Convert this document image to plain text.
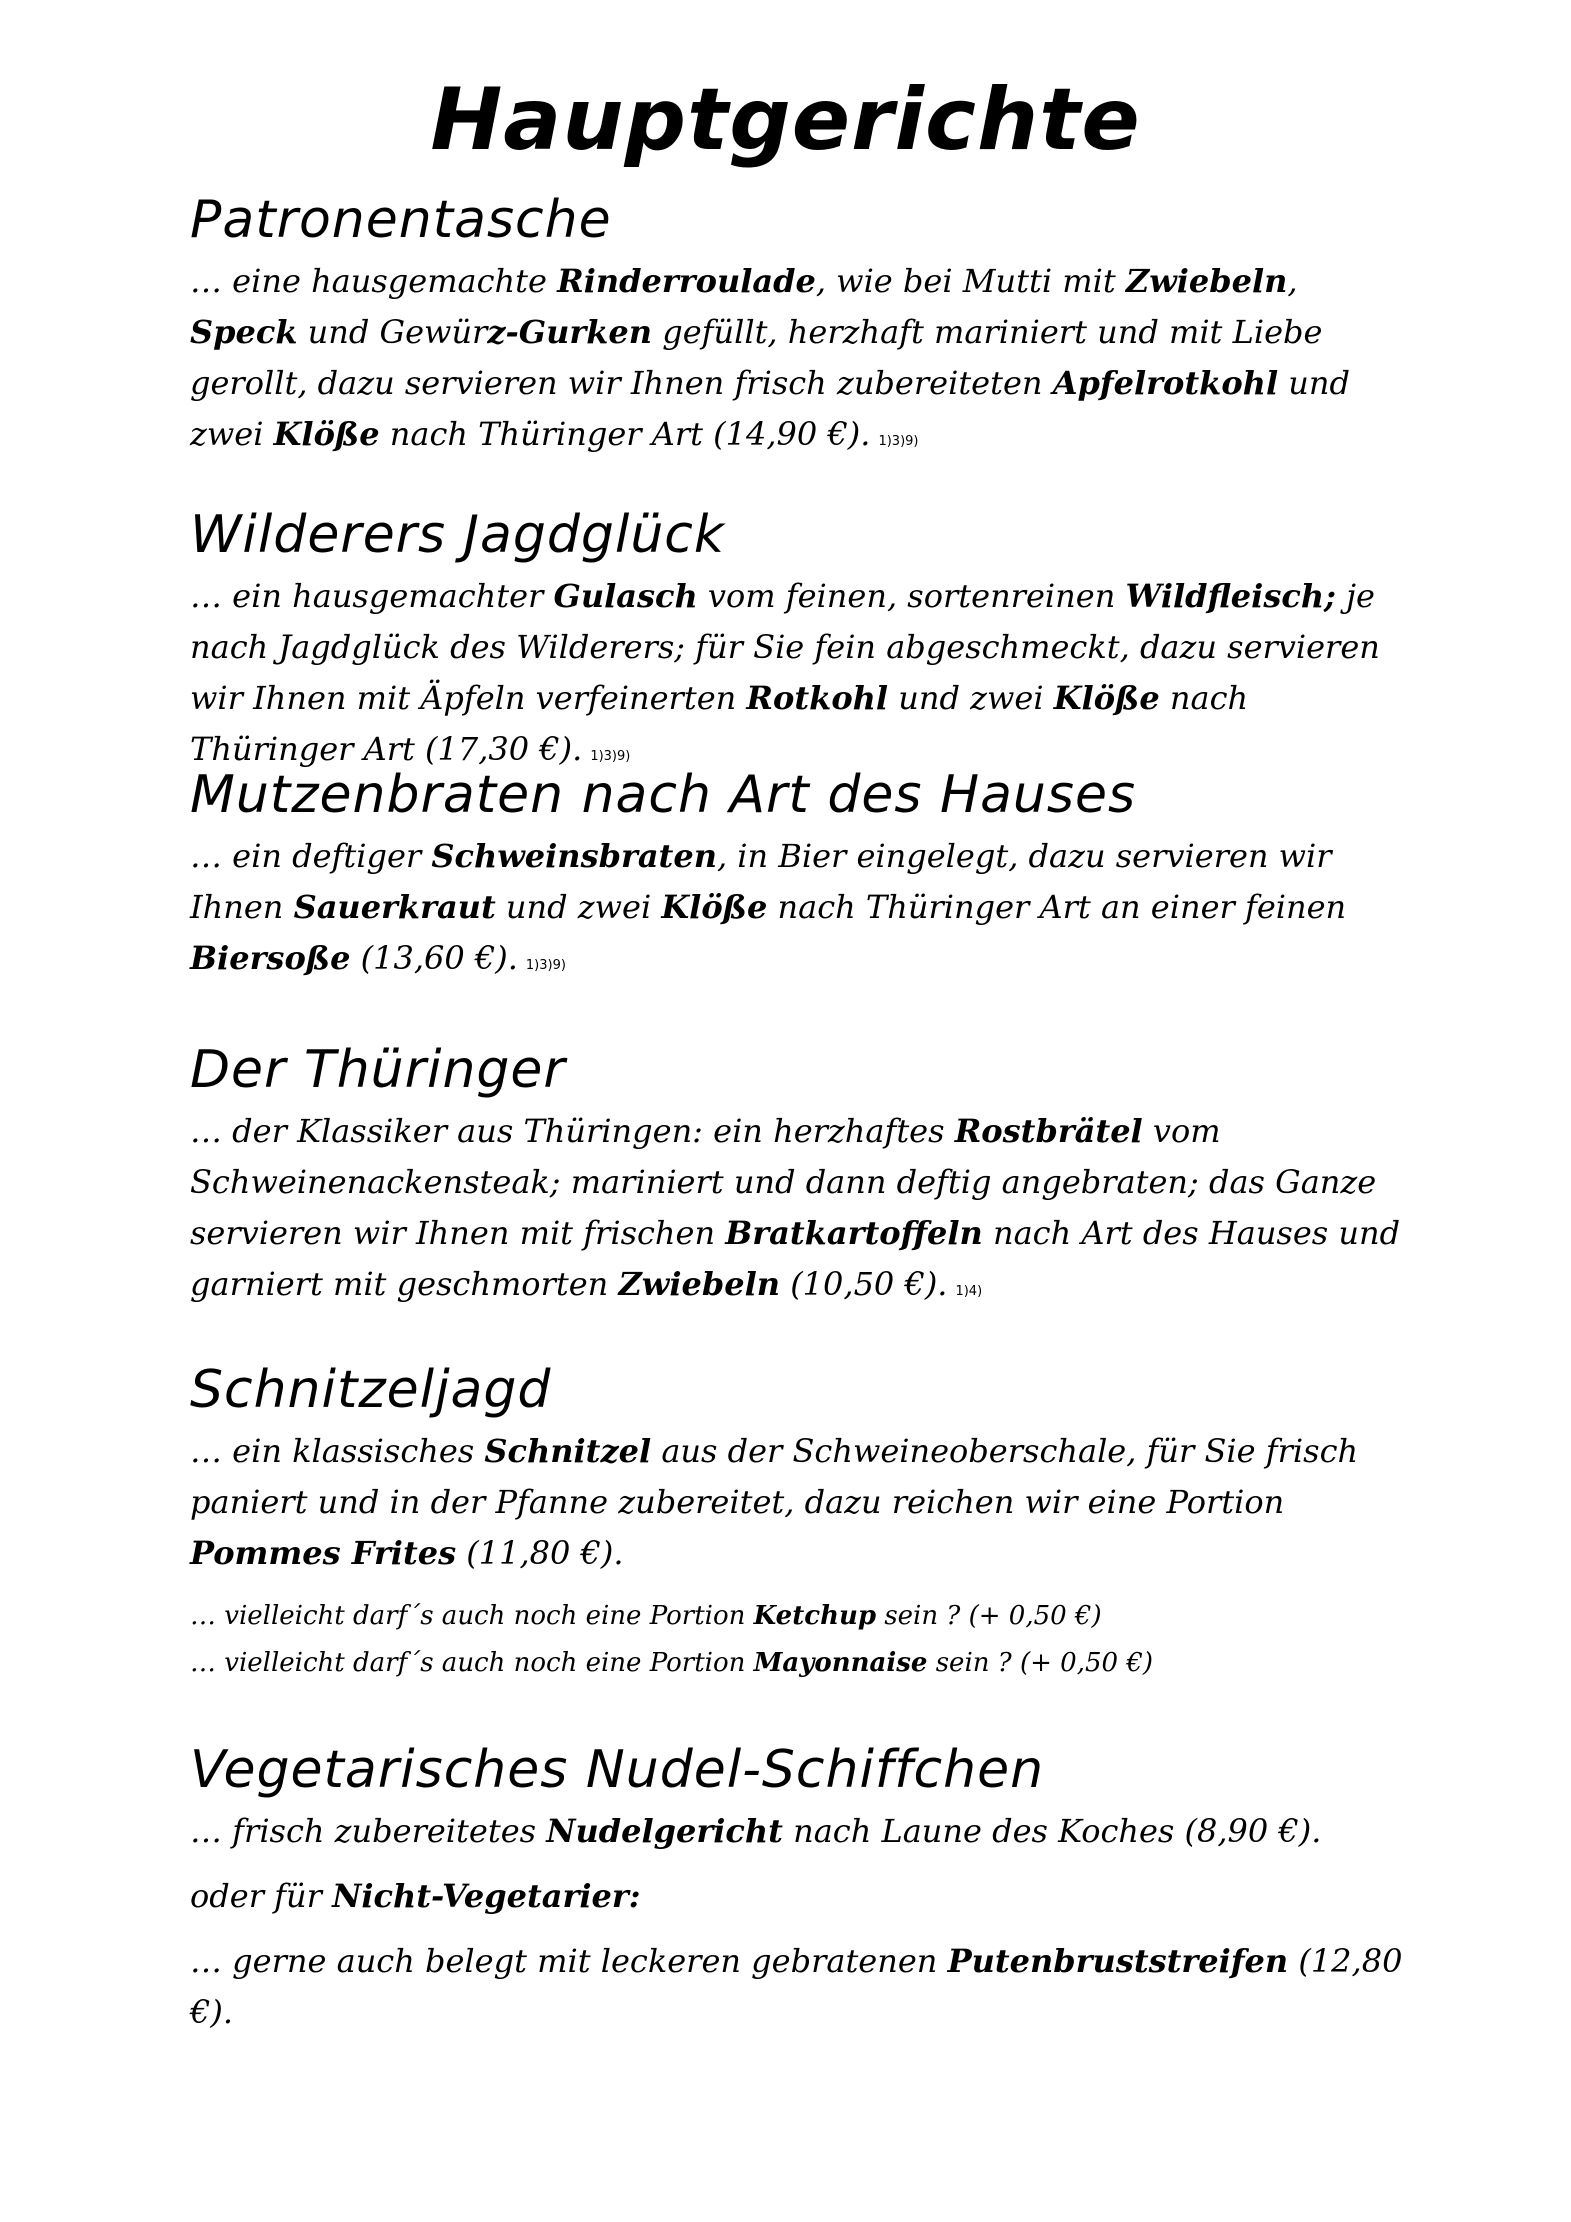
Hauptgerichte
Patronentasche

… eine hausgemachte Rinderroulade, wie bei Mutti mit Zwiebeln, Speck und Gewürz-Gurken gefüllt, herzhaft mariniert und mit Liebe gerollt, dazu servieren wir Ihnen frisch zubereiteten Apfelrotkohl und zwei Klöße nach Thüringer Art (14,90 €). 1)3)9)

Wilderers Jagdglück

… ein hausgemachter Gulasch vom feinen, sortenreinen Wildfleisch; je nach Jagdglück des Wilderers; für Sie fein abgeschmeckt, dazu servieren wir Ihnen mit Äpfeln verfeinerten Rotkohl und zwei Klöße nach Thüringer Art (17,30 €). 1)3)9)

Mutzenbraten nach Art des Hauses

… ein deftiger Schweinsbraten, in Bier eingelegt, dazu servieren wir Ihnen Sauerkraut und zwei Klöße nach Thüringer Art an einer feinen Biersoße (13,60 €). 1)3)9)

Der Thüringer

… der Klassiker aus Thüringen: ein herzhaftes Rostbrätel vom Schweinenackensteak; mariniert und dann deftig angebraten; das Ganze servieren wir Ihnen mit frischen Bratkartoffeln nach Art des Hauses und garniert mit geschmorten Zwiebeln (10,50 €). 1)4)

Schnitzeljagd

… ein klassisches Schnitzel aus der Schweineoberschale, für Sie frisch paniert und in der Pfanne zubereitet, dazu reichen wir eine Portion Pommes Frites (11,80 €).

… vielleicht darf´s auch noch eine Portion Ketchup sein ? (+ 0,50 €)

… vielleicht darf´s auch noch eine Portion Mayonnaise sein ? (+ 0,50 €)

Vegetarisches Nudel-Schiffchen

… frisch zubereitetes Nudelgericht nach Laune des Koches (8,90 €).

oder für Nicht-Vegetarier:

… gerne auch belegt mit leckeren gebratenen Putenbruststreifen (12,80 €).
